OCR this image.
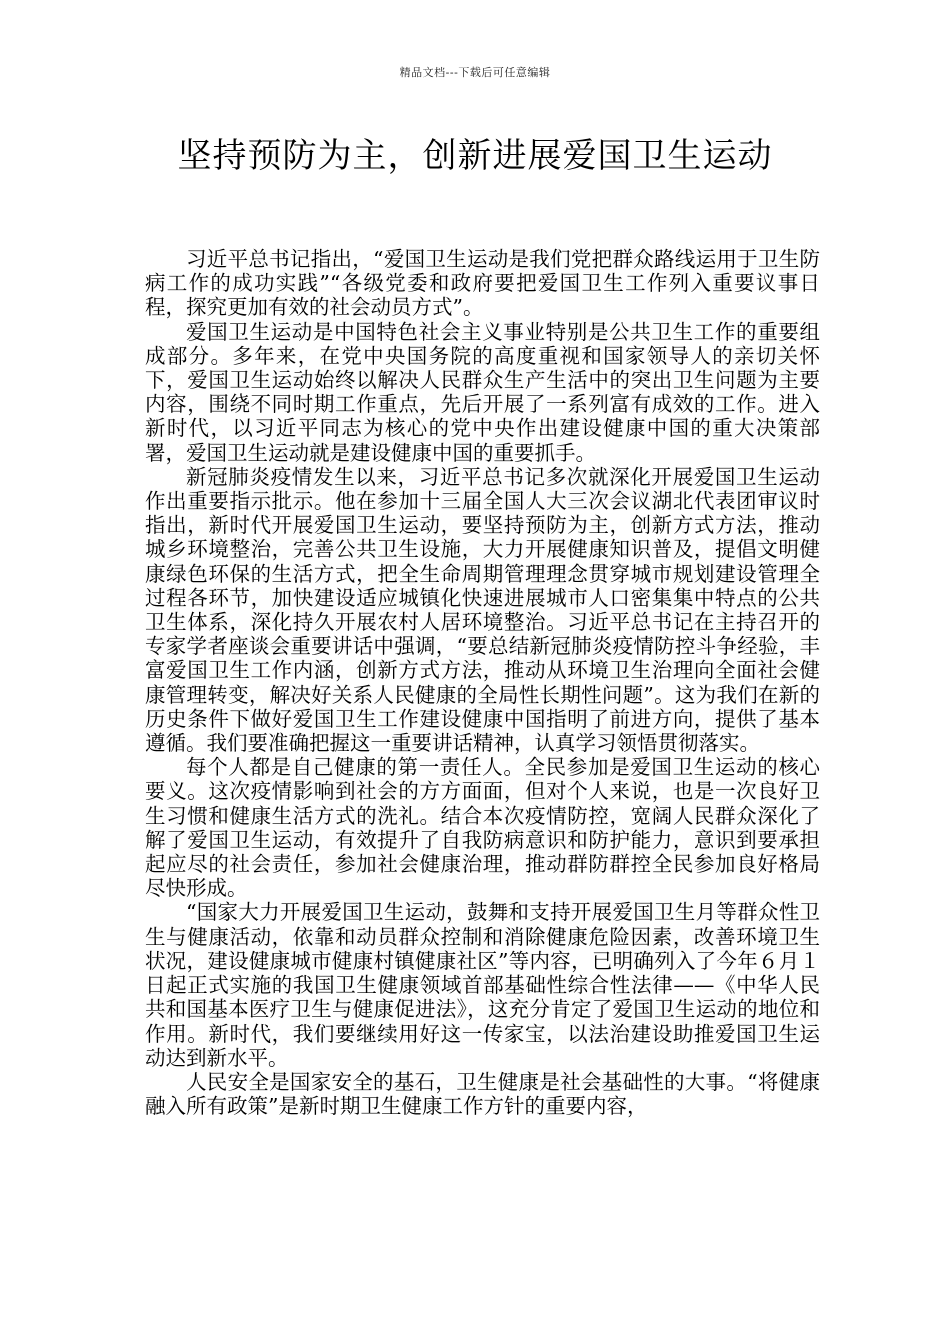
精品文档---下载后可任意编辑
坚持预防为主，创新进展爱国卫生运动

习近平总书记指出，“爱国卫生运动是我们党把群众路线运用于卫生防病工作的成功实践”“各级党委和政府要把爱国卫生工作列入重要议事日程，探究更加有效的社会动员方式”。

爱国卫生运动是中国特色社会主义事业特别是公共卫生工作的重要组成部分。多年来，在党中央国务院的高度重视和国家领导人的亲切关怀下，爱国卫生运动始终以解决人民群众生产生活中的突出卫生问题为主要内容，围绕不同时期工作重点，先后开展了一系列富有成效的工作。进入新时代，以习近平同志为核心的党中央作出建设健康中国的重大决策部署，爱国卫生运动就是建设健康中国的重要抓手。

新冠肺炎疫情发生以来，习近平总书记多次就深化开展爱国卫生运动作出重要指示批示。他在参加十三届全国人大三次会议湖北代表团审议时指出，新时代开展爱国卫生运动，要坚持预防为主，创新方式方法，推动城乡环境整治，完善公共卫生设施，大力开展健康知识普及，提倡文明健康绿色环保的生活方式，把全生命周期管理理念贯穿城市规划建设管理全过程各环节，加快建设适应城镇化快速进展城市人口密集集中特点的公共卫生体系，深化持久开展农村人居环境整治。习近平总书记在主持召开的专家学者座谈会重要讲话中强调，“要总结新冠肺炎疫情防控斗争经验，丰富爱国卫生工作内涵，创新方式方法，推动从环境卫生治理向全面社会健康管理转变，解决好关系人民健康的全局性长期性问题”。这为我们在新的历史条件下做好爱国卫生工作建设健康中国指明了前进方向，提供了基本遵循。我们要准确把握这一重要讲话精神，认真学习领悟贯彻落实。

每个人都是自己健康的第一责任人。全民参加是爱国卫生运动的核心要义。这次疫情影响到社会的方方面面，但对个人来说，也是一次良好卫生习惯和健康生活方式的洗礼。结合本次疫情防控，宽阔人民群众深化了解了爱国卫生运动，有效提升了自我防病意识和防护能力，意识到要承担起应尽的社会责任，参加社会健康治理，推动群防群控全民参加良好格局尽快形成。

“国家大力开展爱国卫生运动，鼓舞和支持开展爱国卫生月等群众性卫生与健康活动，依靠和动员群众控制和消除健康危险因素，改善环境卫生状况，建设健康城市健康村镇健康社区”等内容，已明确列入了今年６月１日起正式实施的我国卫生健康领域首部基础性综合性法律——《中华人民共和国基本医疗卫生与健康促进法》，这充分肯定了爱国卫生运动的地位和作用。新时代，我们要继续用好这一传家宝，以法治建设助推爱国卫生运动达到新水平。

人民安全是国家安全的基石，卫生健康是社会基础性的大事。“将健康融入所有政策”是新时期卫生健康工作方针的重要内容，
